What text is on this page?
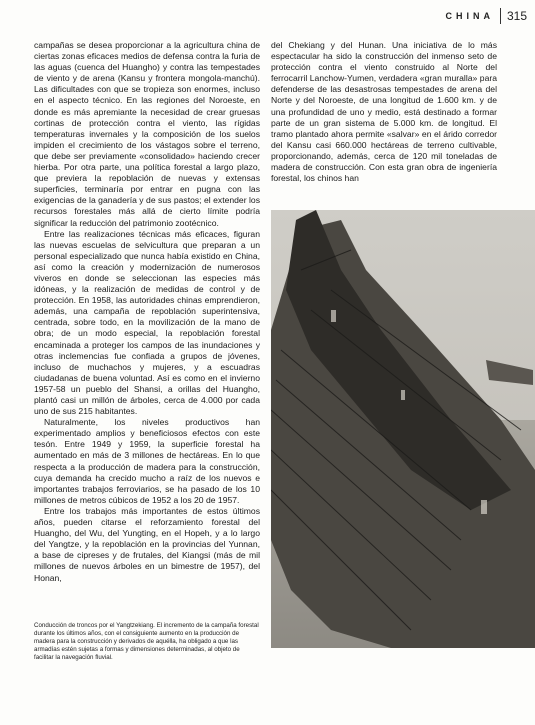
CHINA 315

campañas se desea proporcionar a la agricultura china de ciertas zonas eficaces medios de defensa contra la furia de las aguas (cuenca del Huangho) y contra las tempestades de viento y de arena (Kansu y frontera mongola-manchú). Las dificultades con que se tropieza son enormes, incluso en el aspecto técnico. En las regiones del Noroeste, en donde es más apremiante la necesidad de crear gruesas cortinas de protección contra el viento, las rígidas temperaturas invernales y la composición de los suelos impiden el crecimiento de los vástagos sobre el terreno, que debe ser previamente «consolidado» haciendo crecer hierba. Por otra parte, una política forestal a largo plazo, que previera la repoblación de nuevas y extensas superficies, terminaría por entrar en pugna con las exigencias de la ganadería y de sus pastos; el extender los recursos forestales más allá de cierto límite podría significar la reducción del patrimonio zootécnico.

Entre las realizaciones técnicas más eficaces, figuran las nuevas escuelas de selvicultura que preparan a un personal especializado que nunca había existido en China, así como la creación y modernización de numerosos viveros en donde se seleccionan las especies más idóneas, y la realización de medidas de control y de protección. En 1958, las autoridades chinas emprendieron, además, una campaña de repoblación superintensiva, centrada, sobre todo, en la movilización de la mano de obra; de un modo especial, la repoblación forestal encaminada a proteger los campos de las inundaciones y otras inclemencias fue confiada a grupos de jóvenes, incluso de muchachos y mujeres, y a escuadras ciudadanas de buena voluntad. Así es como en el invierno 1957-58 un pueblo del Shansi, a orillas del Huangho, plantó casi un millón de árboles, cerca de 4.000 por cada uno de sus 215 habitantes.

Naturalmente, los niveles productivos han experimentado amplios y beneficiosos efectos con este tesón. Entre 1949 y 1959, la superficie forestal ha aumentado en más de 3 millones de hectáreas. En lo que respecta a la producción de madera para la construcción, cuya demanda ha crecido mucho a raíz de los nuevos e importantes trabajos ferroviarios, se ha pasado de los 10 millones de metros cúbicos de 1952 a los 20 de 1957.

Entre los trabajos más importantes de estos últimos años, pueden citarse el reforzamiento forestal del Huangho, del Wu, del Yungting, en el Hopeh, y a lo largo del Yangtze, y la repoblación en la provincias del Yunnan, a base de cipreses y de frutales, del Kiangsi (más de mil millones de nuevos árboles en un bimestre de 1957), del Honan,

del Chekiang y del Hunan. Una iniciativa de lo más espectacular ha sido la construcción del inmenso seto de protección contra el viento construido al Norte del ferrocarril Lanchow-Yumen, verdadera «gran muralla» para defenderse de las desastrosas tempestades de arena del Norte y del Noroeste, de una longitud de 1.600 km. y de una profundidad de uno y medio, está destinado a formar parte de un gran sistema de 5.000 km. de longitud. El tramo plantado ahora permite «salvar» en el árido corredor del Kansu casi 660.000 hectáreas de terreno cultivable, proporcionando, además, cerca de 120 mil toneladas de madera de construcción. Con esta gran obra de ingeniería forestal, los chinos han

Conducción de troncos por el Yangtzekiang. El incremento de la campaña forestal durante los últimos años, con el consiguiente aumento en la producción de madera para la construcción y derivados de aquélla, ha obligado a que las armadías estén sujetas a formas y dimensiones determinadas, al objeto de facilitar la navegación fluvial.
